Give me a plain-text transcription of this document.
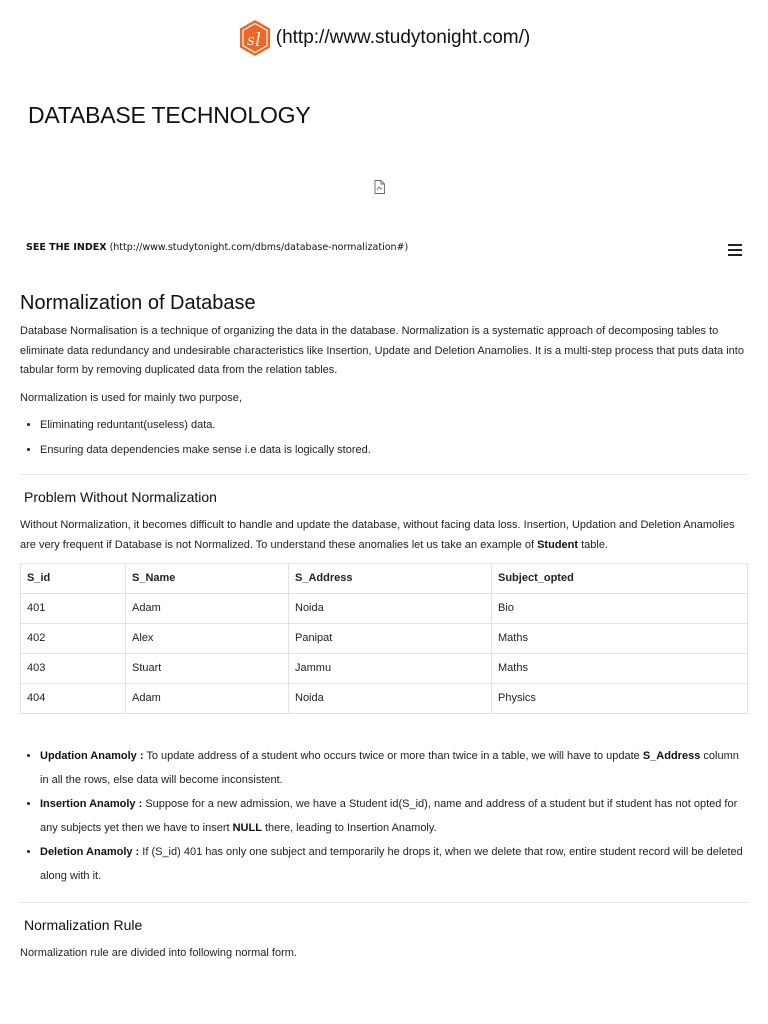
s l (http://www.studytonight.com/)
DATABASE TECHNOLOGY
SEE THE INDEX (http://www.studytonight.com/dbms/database-normalization#)
Normalization of Database

Database Normalisation is a technique of organizing the data in the database. Normalization is a systematic approach of decomposing tables to eliminate data redundancy and undesirable characteristics like Insertion, Update and Deletion Anamolies. It is a multi-step process that puts data into tabular form by removing duplicated data from the relation tables.

Normalization is used for mainly two purpose,

• Eliminating reduntant(useless) data.
• Ensuring data dependencies make sense i.e data is logically stored.
Problem Without Normalization

Without Normalization, it becomes difficult to handle and update the database, without facing data loss. Insertion, Updation and Deletion Anamolies are very frequent if Database is not Normalized. To understand these anomalies let us take an example of Student table.

S_id	S_Name	S_Address	Subject_opted
401	Adam	Noida	Bio
402	Alex	Panipat	Maths
403	Stuart	Jammu	Maths
404	Adam	Noida	Physics
• Updation Anamoly : To update address of a student who occurs twice or more than twice in a table, we will have to update S_Address column in all the rows, else data will become inconsistent.
• Insertion Anamoly : Suppose for a new admission, we have a Student id(S_id), name and address of a student but if student has not opted for any subjects yet then we have to insert NULL there, leading to Insertion Anamoly.
• Deletion Anamoly : If (S_id) 401 has only one subject and temporarily he drops it, when we delete that row, entire student record will be deleted along with it.
Normalization Rule

Normalization rule are divided into following normal form.
